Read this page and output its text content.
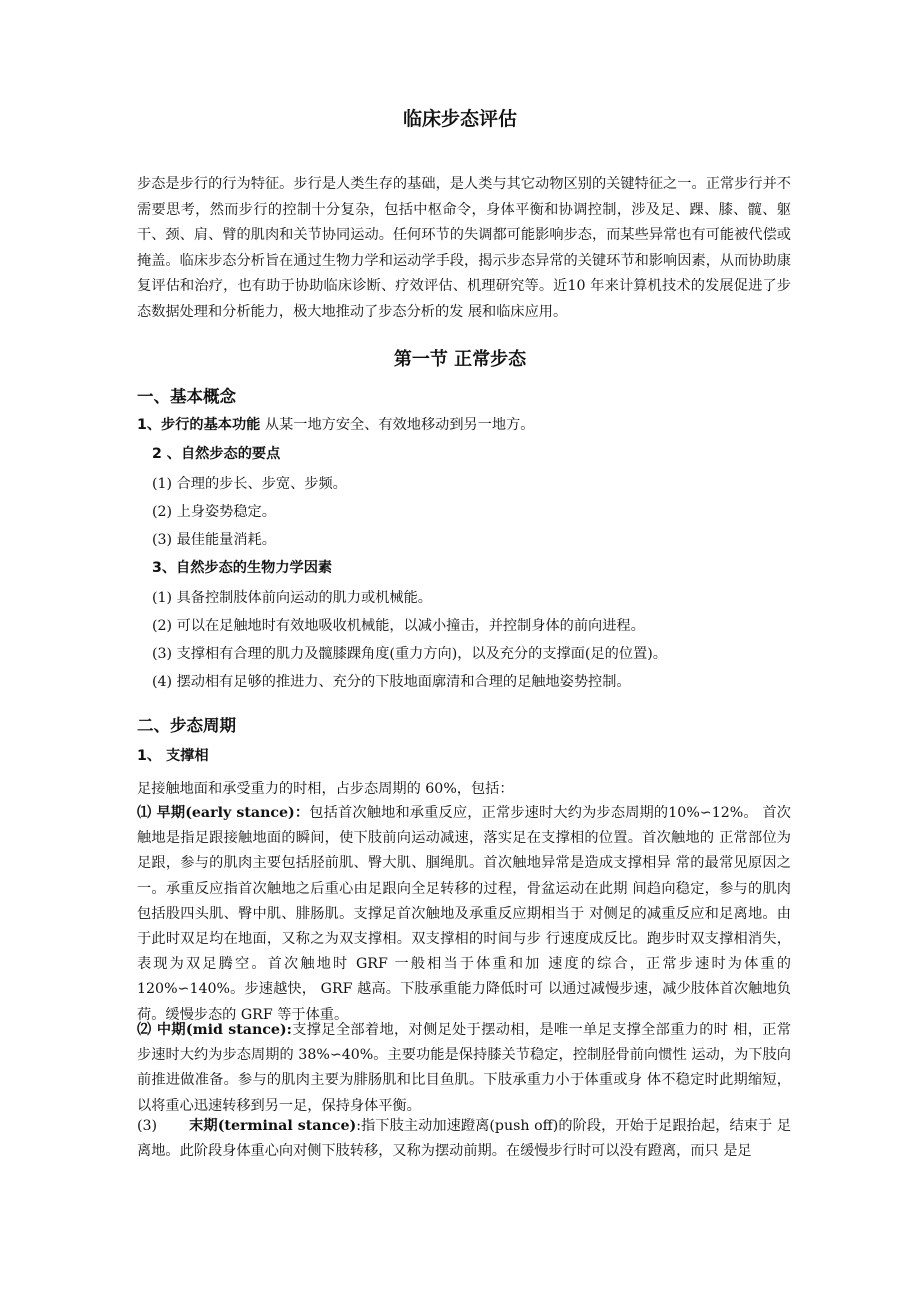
临床步态评估
步态是步行的行为特征。步行是人类生存的基础，是人类与其它动物区别的关键特征之一。正常步行并不需要思考，然而步行的控制十分复杂，包括中枢命令，身体平衡和协调控制，涉及足、踝、膝、髋、躯干、颈、肩、臂的肌肉和关节协同运动。任何环节的失调都可能影响步态，而某些异常也有可能被代偿或掩盖。临床步态分析旨在通过生物力学和运动学手段，揭示步态异常的关键环节和影响因素，从而协助康复评估和治疗，也有助于协助临床诊断、疗效评估、机理研究等。近10 年来计算机技术的发展促进了步态数据处理和分析能力，极大地推动了步态分析的发 展和临床应用。
第一节 正常步态
一、基本概念
1、步行的基本功能 从某一地方安全、有效地移动到另一地方。
2 、自然步态的要点
(1) 合理的步长、步宽、步频。
(2) 上身姿势稳定。
(3) 最佳能量消耗。
3、自然步态的生物力学因素
(1) 具备控制肢体前向运动的肌力或机械能。
(2) 可以在足触地时有效地吸收机械能，以减小撞击，并控制身体的前向进程。
(3) 支撑相有合理的肌力及髋膝踝角度(重力方向)，以及充分的支撑面(足的位置)。
(4) 摆动相有足够的推进力、充分的下肢地面廓清和合理的足触地姿势控制。
二、步态周期
1、 支撑相
足接触地面和承受重力的时相，占步态周期的 60%，包括：
⑴ 早期(early stance)：包括首次触地和承重反应，正常步速时大约为步态周期的10%∽12%。 首次触地是指足跟接触地面的瞬间，使下肢前向运动减速，落实足在支撑相的位置。首次触地的 正常部位为足跟，参与的肌肉主要包括胫前肌、臀大肌、腘绳肌。首次触地异常是造成支撑相异 常的最常见原因之一。承重反应指首次触地之后重心由足跟向全足转移的过程，骨盆运动在此期 间趋向稳定，参与的肌肉包括股四头肌、臀中肌、腓肠肌。支撑足首次触地及承重反应期相当于 对侧足的减重反应和足离地。由于此时双足均在地面，又称之为双支撑相。双支撑相的时间与步 行速度成反比。跑步时双支撑相消失，表现为双足腾空。首次触地时 GRF 一般相当于体重和加 速度的综合，正常步速时为体重的 120%∽140%。步速越快， GRF 越高。下肢承重能力降低时可 以通过减慢步速，减少肢体首次触地负荷。缓慢步态的 GRF 等于体重。
⑵ 中期(mid stance):支撑足全部着地，对侧足处于摆动相，是唯一单足支撑全部重力的时 相，正常步速时大约为步态周期的 38%∽40%。主要功能是保持膝关节稳定，控制胫骨前向惯性 运动，为下肢向前推进做准备。参与的肌肉主要为腓肠肌和比目鱼肌。下肢承重力小于体重或身 体不稳定时此期缩短，以将重心迅速转移到另一足，保持身体平衡。
(3)       末期(terminal stance):指下肢主动加速蹬离(push off)的阶段，开始于足跟抬起，结束于 足离地。此阶段身体重心向对侧下肢转移，又称为摆动前期。在缓慢步行时可以没有蹬离，而只 是足
